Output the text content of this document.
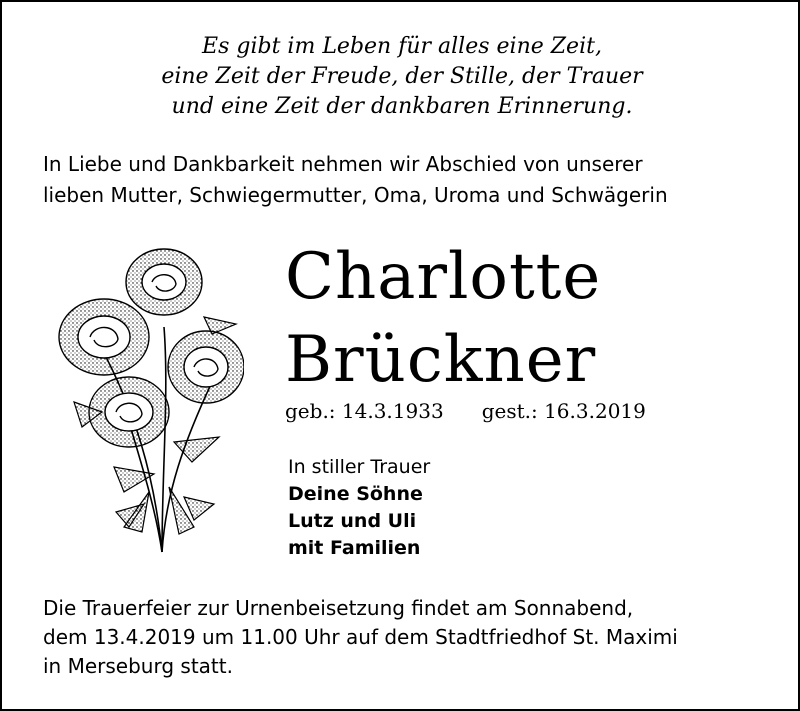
Es gibt im Leben für alles eine Zeit,
eine Zeit der Freude, der Stille, der Trauer
und eine Zeit der dankbaren Erinnerung.
In Liebe und Dankbarkeit nehmen wir Abschied von unserer
lieben Mutter, Schwiegermutter, Oma, Uroma und Schwägerin
Charlotte
Brückner
geb.: 14.3.1933 gest.: 16.3.2019
In stiller Trauer
Deine Söhne
Lutz und Uli
mit Familien
Die Trauerfeier zur Urnenbeisetzung findet am Sonnabend,
dem 13.4.2019 um 11.00 Uhr auf dem Stadtfriedhof St. Maximi
in Merseburg statt.
